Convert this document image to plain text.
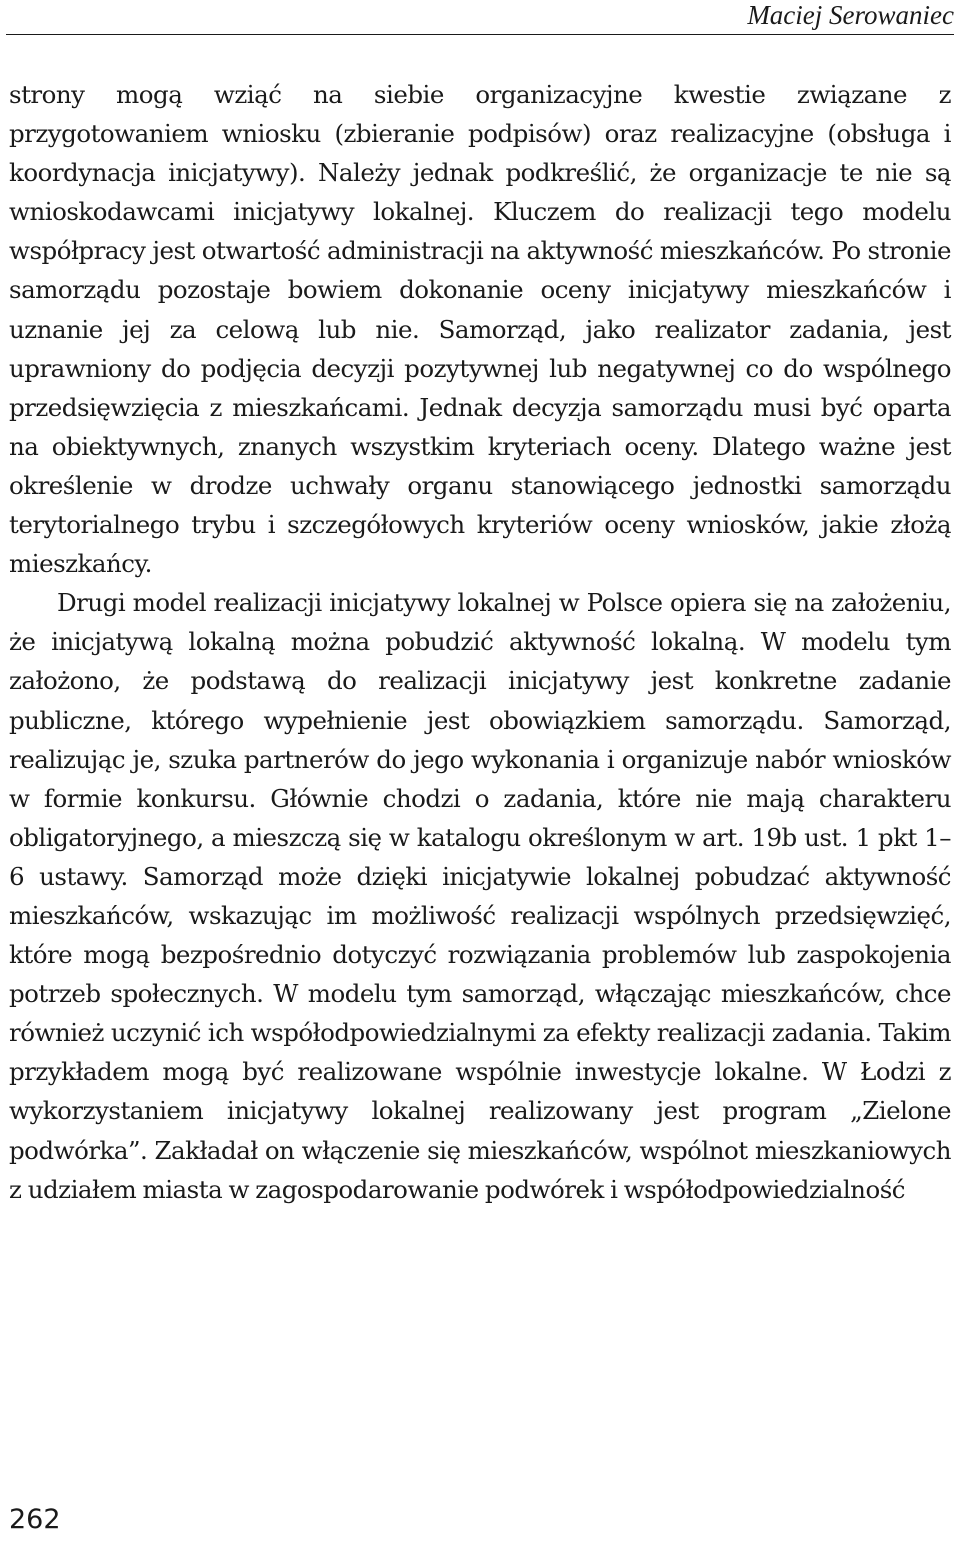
Maciej Serowaniec

strony mogą wziąć na siebie organizacyjne kwestie związane z przygotowaniem wniosku (zbieranie podpisów) oraz realizacyjne (obsługa i koordynacja inicjatywy). Należy jednak podkreślić, że organizacje te nie są wnioskodawcami inicjatywy lokalnej. Kluczem do realizacji tego modelu współpracy jest otwartość administracji na aktywność mieszkańców. Po stronie samorządu pozostaje bowiem dokonanie oceny inicjatywy mieszkańców i uznanie jej za celową lub nie. Samorząd, jako realizator zadania, jest uprawniony do podjęcia decyzji pozytywnej lub negatywnej co do wspólnego przedsięwzięcia z mieszkańcami. Jednak decyzja samorządu musi być oparta na obiektywnych, znanych wszystkim kryteriach oceny. Dlatego ważne jest określenie w drodze uchwały organu stanowiącego jednostki samorządu terytorialnego trybu i szczegółowych kryteriów oceny wniosków, jakie złożą mieszkańcy.

Drugi model realizacji inicjatywy lokalnej w Polsce opiera się na założeniu, że inicjatywą lokalną można pobudzić aktywność lokalną. W modelu tym założono, że podstawą do realizacji inicjatywy jest konkretne zadanie publiczne, którego wypełnienie jest obowiązkiem samorządu. Samorząd, realizując je, szuka partnerów do jego wykonania i organizuje nabór wniosków w formie konkursu. Głównie chodzi o zadania, które nie mają charakteru obligatoryjnego, a mieszczą się w katalogu określonym w art. 19b ust. 1 pkt 1–6 ustawy. Samorząd może dzięki inicjatywie lokalnej pobudzać aktywność mieszkańców, wskazując im możliwość realizacji wspólnych przedsięwzięć, które mogą bezpośrednio dotyczyć rozwiązania problemów lub zaspokojenia potrzeb społecznych. W modelu tym samorząd, włączając mieszkańców, chce również uczynić ich współodpowiedzialnymi za efekty realizacji zadania. Takim przykładem mogą być realizowane wspólnie inwestycje lokalne. W Łodzi z wykorzystaniem inicjatywy lokalnej realizowany jest program „Zielone podwórka”. Zakładał on włączenie się mieszkańców, wspólnot mieszkaniowych z udziałem miasta w zagospodarowanie podwórek i współodpowiedzialność

262
